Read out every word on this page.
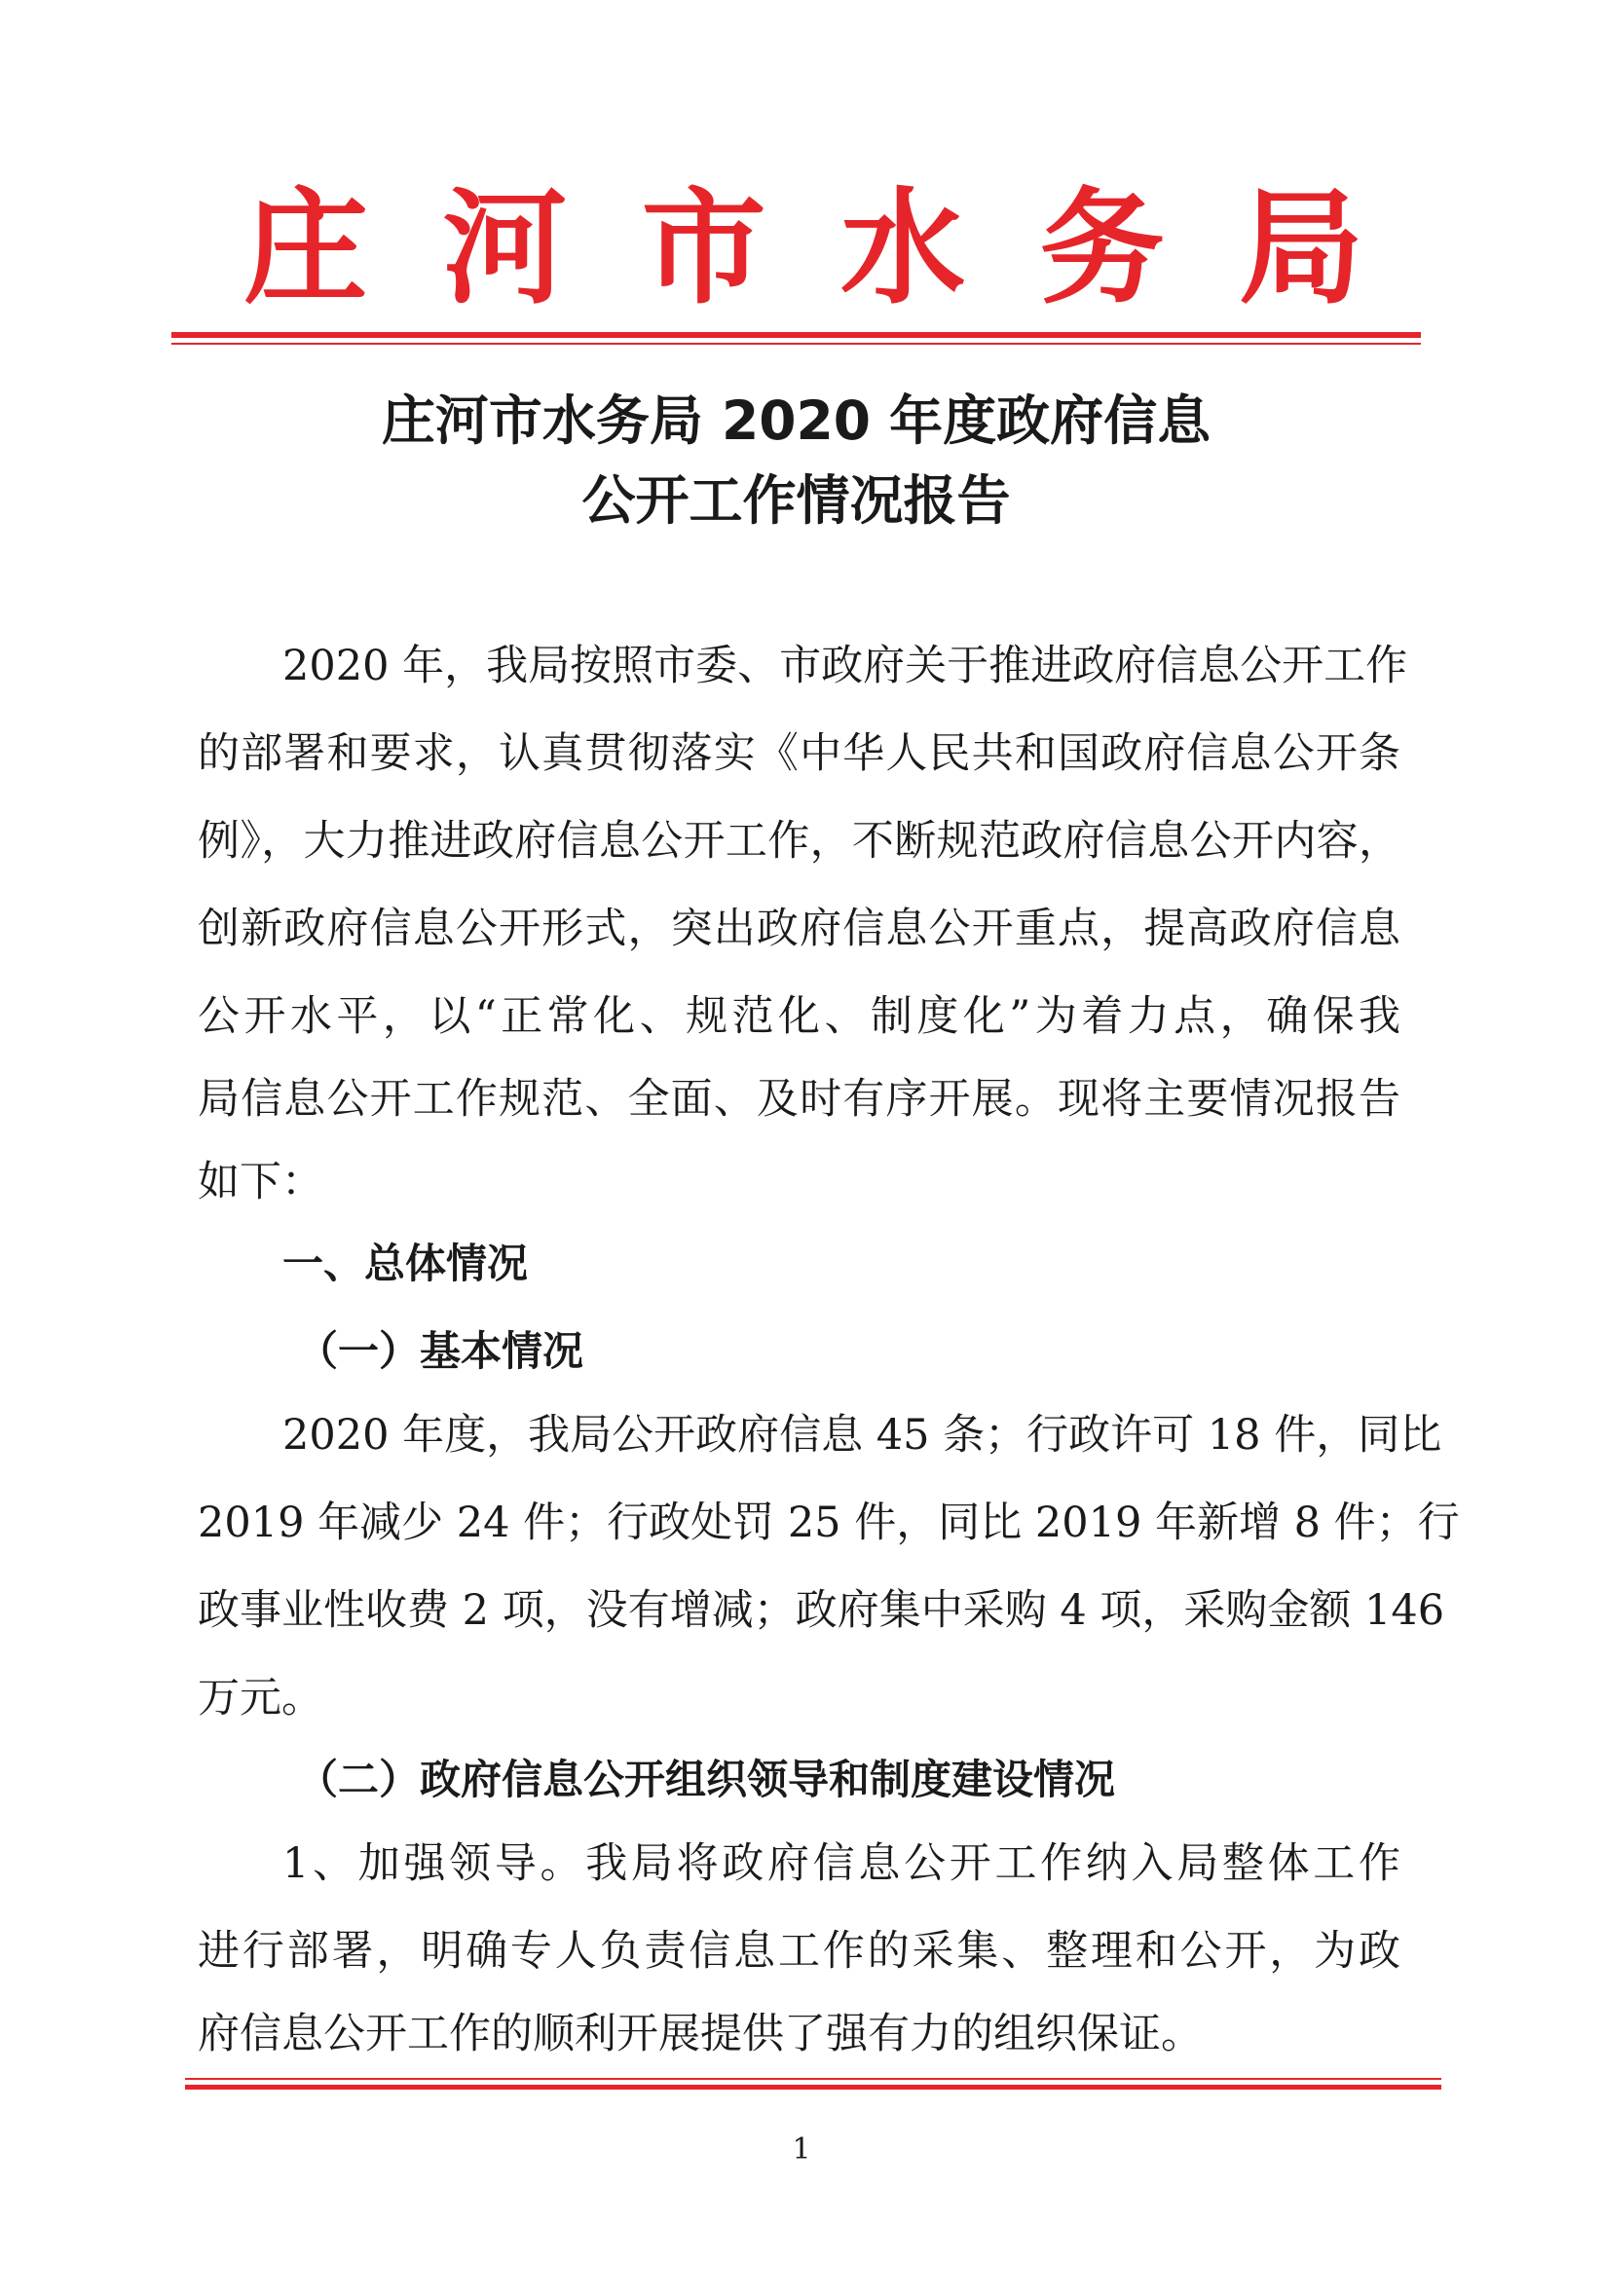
庄 河 市 水 务 局
庄河市水务局 2020 年度政府信息
公开工作情况报告
2020 年，我局按照市委、市政府关于推进政府信息公开工作
的部署和要求，认真贯彻落实《中华人民共和国政府信息公开条
例》，大力推进政府信息公开工作，不断规范政府信息公开内容，
创新政府信息公开形式，突出政府信息公开重点，提高政府信息
公开水平，以“正常化、规范化、制度化”为着力点，确保我
局信息公开工作规范、全面、及时有序开展。现将主要情况报告
如下：
一、总体情况
（一）基本情况
2020 年度，我局公开政府信息 45 条；行政许可 18 件，同比
2019 年减少 24 件；行政处罚 25 件，同比 2019 年新增 8 件；行
政事业性收费 2 项，没有增减；政府集中采购 4 项，采购金额 146
万元。
（二）政府信息公开组织领导和制度建设情况
1、加强领导。我局将政府信息公开工作纳入局整体工作
进行部署，明确专人负责信息工作的采集、整理和公开，为政
府信息公开工作的顺利开展提供了强有力的组织保证。
1
